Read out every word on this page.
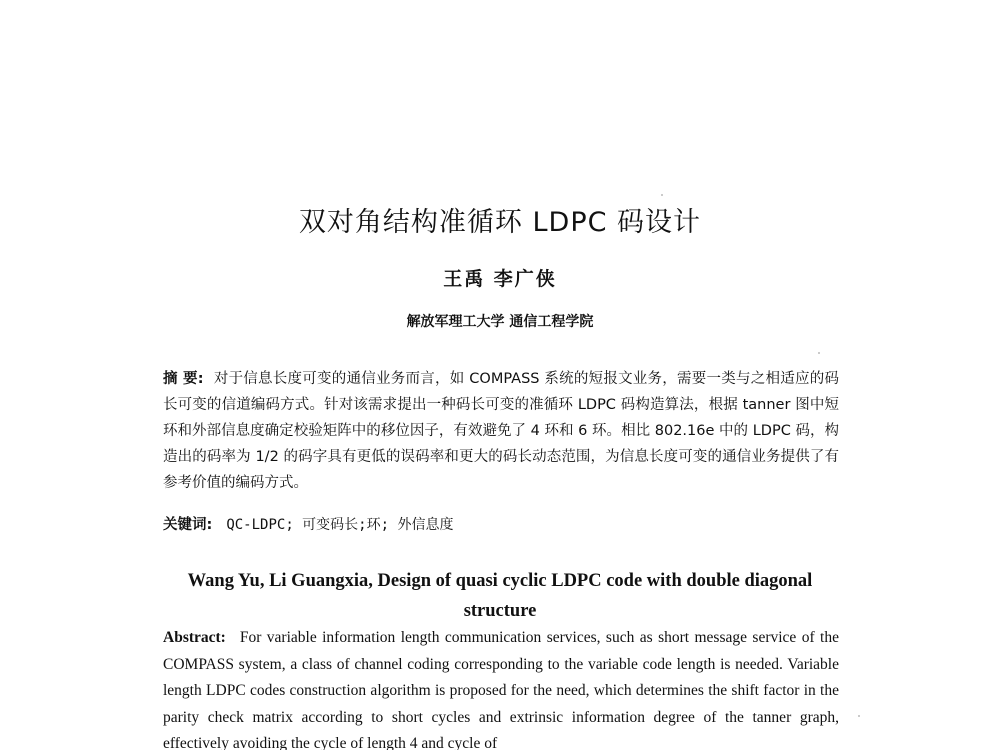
双对角结构准循环 LDPC 码设计
王禹 李广侠
解放军理工大学 通信工程学院
摘 要: 对于信息长度可变的通信业务而言，如 COMPASS 系统的短报文业务，需要一类与之相适应的码长可变的信道编码方式。针对该需求提出一种码长可变的准循环 LDPC 码构造算法，根据 tanner 图中短环和外部信息度确定校验矩阵中的移位因子，有效避免了 4 环和 6 环。相比 802.16e 中的 LDPC 码，构造出的码率为 1/2 的码字具有更低的误码率和更大的码长动态范围，为信息长度可变的通信业务提供了有参考价值的编码方式。
关键词: QC-LDPC; 可变码长;环; 外信息度
Wang Yu, Li Guangxia, Design of quasi cyclic LDPC code with double diagonal structure
Abstract: For variable information length communication services, such as short message service of the COMPASS system, a class of channel coding corresponding to the variable code length is needed. Variable length LDPC codes construction algorithm is proposed for the need, which determines the shift factor in the parity check matrix according to short cycles and extrinsic information degree of the tanner graph, effectively avoiding the cycle of length 4 and cycle of
